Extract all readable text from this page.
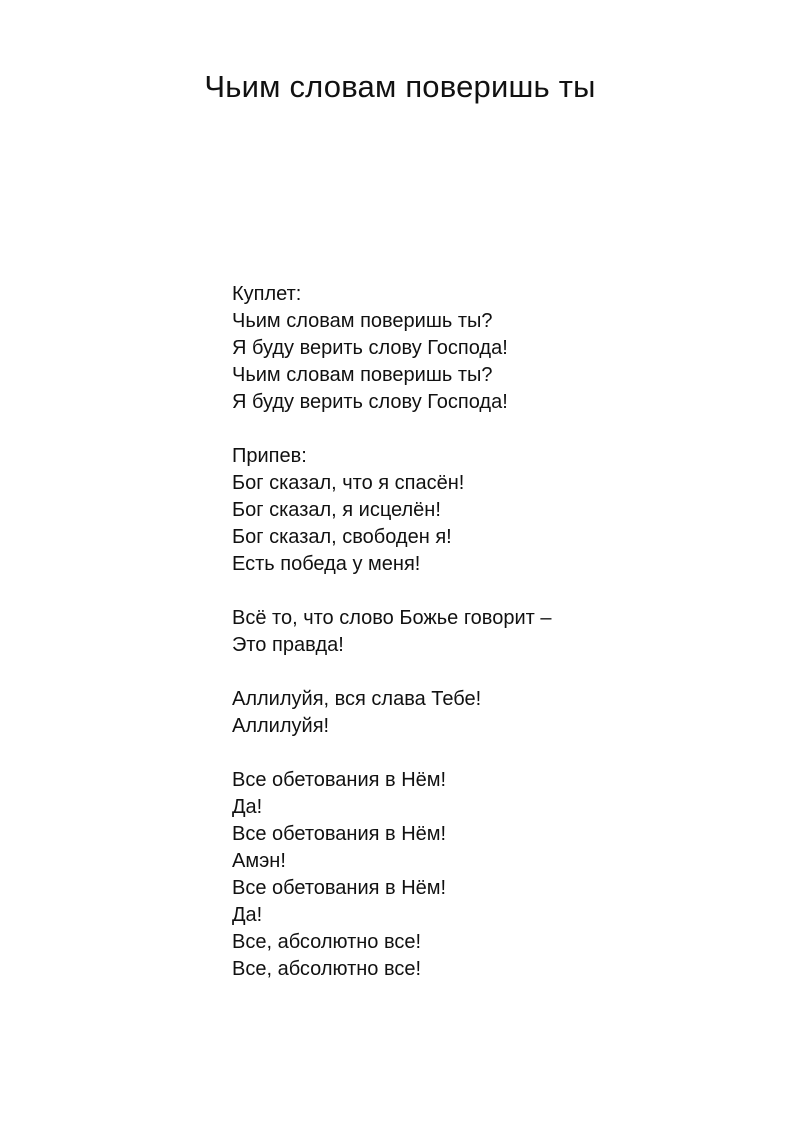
Чьим словам поверишь ты
Куплет:
Чьим словам поверишь ты?
Я буду верить слову Господа!
Чьим словам поверишь ты?
Я буду верить слову Господа!
Припев:
Бог сказал, что я спасён!
Бог сказал, я исцелён!
Бог сказал, свободен я!
Есть победа у меня!
Всё то, что слово Божье говорит –
Это правда!
Аллилуйя, вся слава Тебе!
Аллилуйя!
Все обетования в Нём!
Да!
Все обетования в Нём!
Амэн!
Все обетования в Нём!
Да!
Все, абсолютно все!
Все, абсолютно все!
